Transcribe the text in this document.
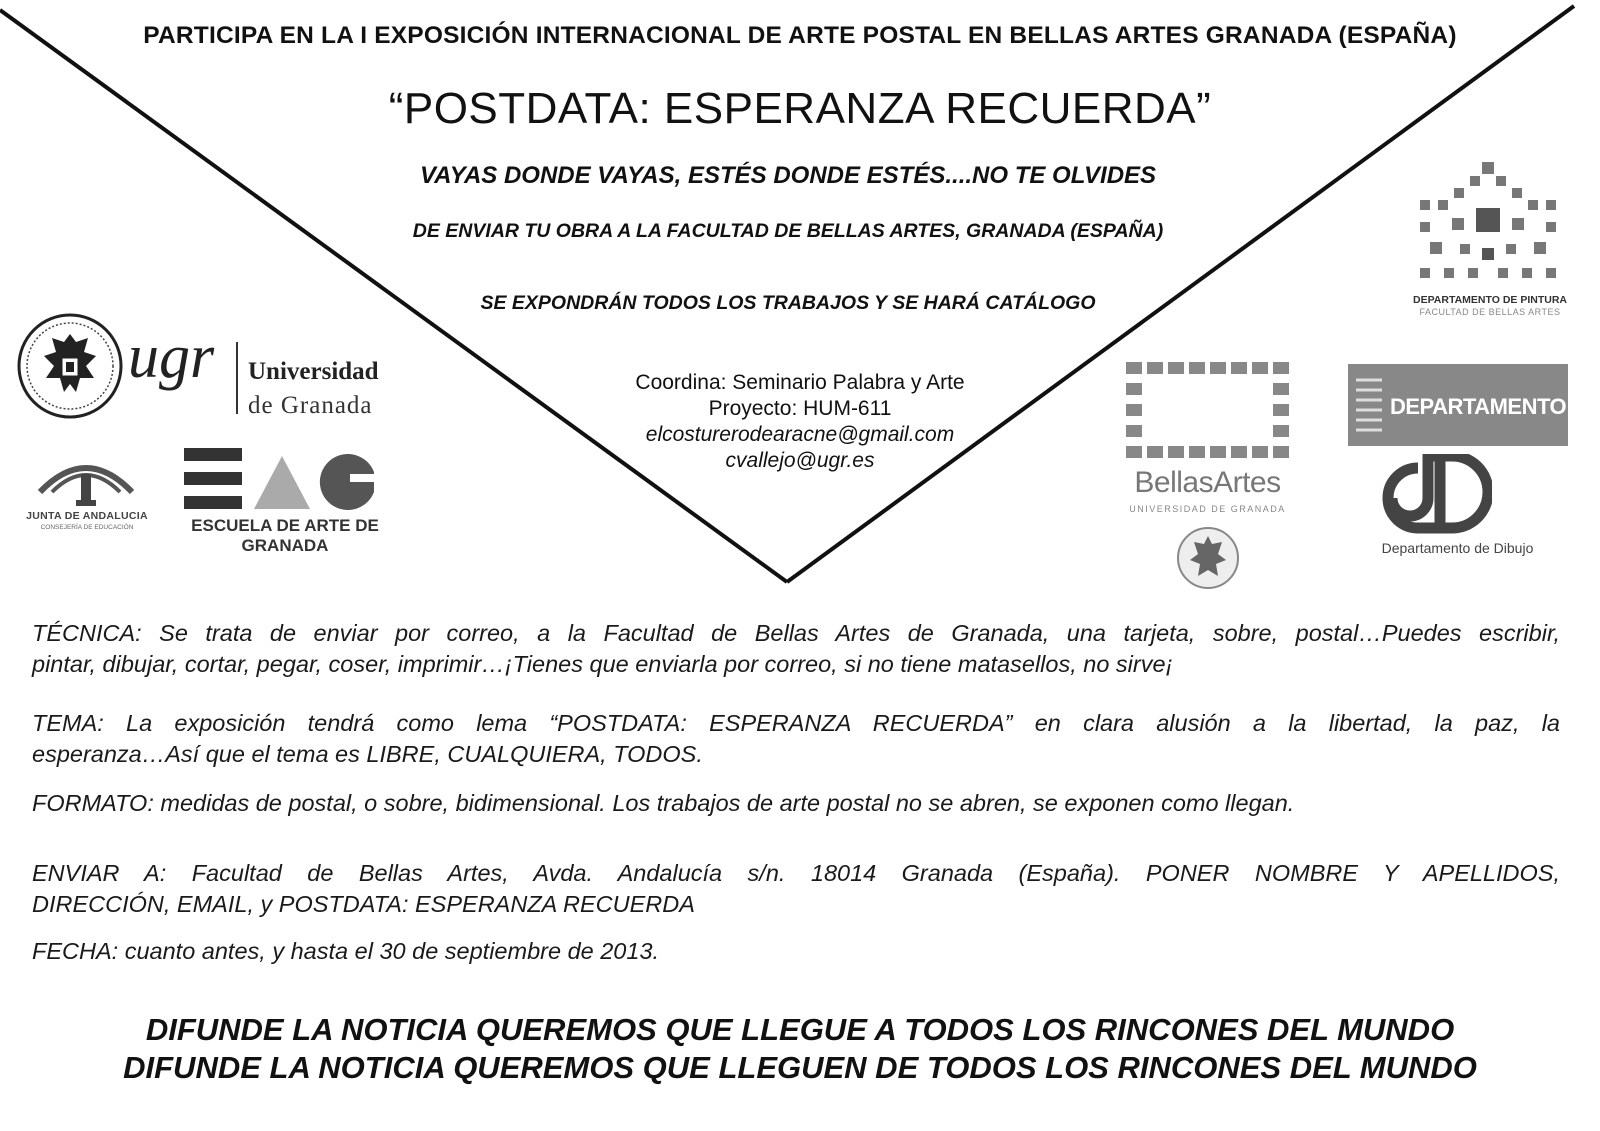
PARTICIPA EN LA I EXPOSICIÓN INTERNACIONAL DE ARTE POSTAL EN BELLAS ARTES GRANADA (ESPAÑA)
“POSTDATA: ESPERANZA RECUERDA”
VAYAS DONDE VAYAS, ESTÉS DONDE ESTÉS....NO TE OLVIDES
DE ENVIAR TU OBRA A LA FACULTAD DE BELLAS ARTES, GRANADA (ESPAÑA)
SE EXPONDRÁN TODOS LOS TRABAJOS Y SE HARÁ CATÁLOGO
Coordina: Seminario Palabra y Arte
Proyecto: HUM-611
elcosturerodearacne@gmail.com
cvallejo@ugr.es
ugr Universidad
de Granada
JUNTA DE ANDALUCIA
CONSEJERÍA DE EDUCACIÓN	ESCUELA DE ARTE DE GRANADA
DEPARTAMENTO DE PINTURA
FACULTAD DE BELLAS ARTES
BellasArtes
UNIVERSIDAD DE GRANADA
DEPARTAMENTO
Departamento de Dibujo
TÉCNICA: Se trata de enviar por correo, a la Facultad de Bellas Artes de Granada, una tarjeta, sobre, postal…Puedes escribir,
pintar, dibujar, cortar, pegar, coser, imprimir…¡Tienes que enviarla por correo, si no tiene matasellos, no sirve¡
TEMA: La exposición tendrá como lema “POSTDATA: ESPERANZA RECUERDA” en clara alusión a la libertad, la paz, la
esperanza…Así que el tema es LIBRE, CUALQUIERA, TODOS.
FORMATO: medidas de postal, o sobre, bidimensional. Los trabajos de arte postal no se abren, se exponen como llegan.
ENVIAR A: Facultad de Bellas Artes, Avda. Andalucía s/n. 18014 Granada (España). PONER NOMBRE Y APELLIDOS,
DIRECCIÓN, EMAIL, y POSTDATA: ESPERANZA RECUERDA
FECHA: cuanto antes, y hasta el 30 de septiembre de 2013.
DIFUNDE LA NOTICIA QUEREMOS QUE LLEGUE A TODOS LOS RINCONES DEL MUNDO
DIFUNDE LA NOTICIA QUEREMOS QUE LLEGUEN DE TODOS LOS RINCONES DEL MUNDO
